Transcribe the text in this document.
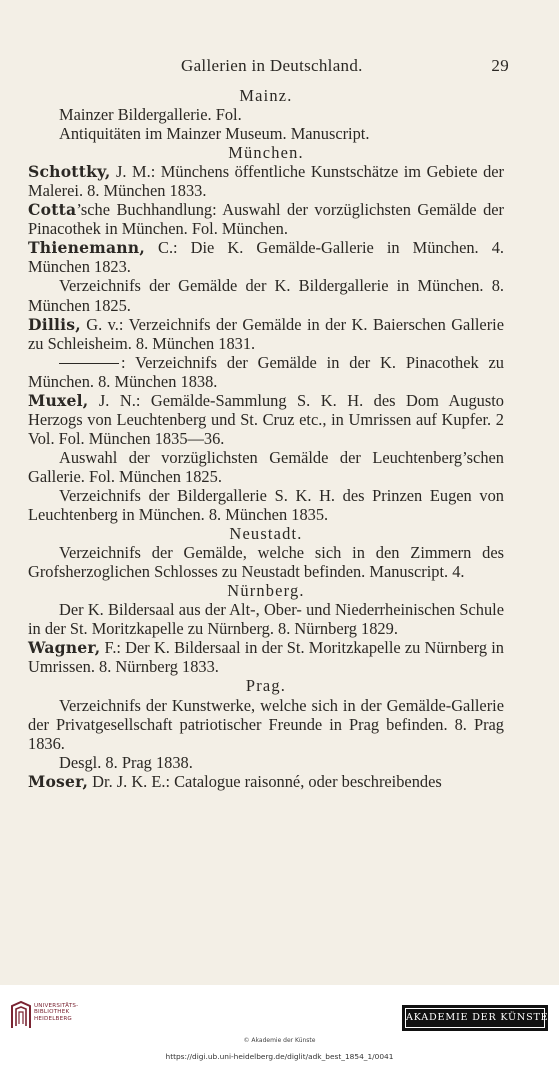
Gallerien in Deutschland.	29

Mainz.

Mainzer Bildergallerie. Fol.

Antiquitäten im Mainzer Museum. Manuscript.

München.

Schottky, J. M.: Münchens öffentliche Kunstschätze im Gebiete der Malerei. 8. München 1833.

Cotta’sche Buchhandlung: Auswahl der vorzüglichsten Gemälde der Pinacothek in München. Fol. München.

Thienemann, C.: Die K. Gemälde-Gallerie in München. 4. München 1823.

Verzeichnifs der Gemälde der K. Bildergallerie in München. 8. München 1825.

Dillis, G. v.: Verzeichnifs der Gemälde in der K. Baierschen Gallerie zu Schleisheim. 8. München 1831.

: Verzeichnifs der Gemälde in der K. Pinacothek zu München. 8. München 1838.

Muxel, J. N.: Gemälde-Sammlung S. K. H. des Dom Augusto Herzogs von Leuchtenberg und St. Cruz etc., in Umrissen auf Kupfer. 2 Vol. Fol. München 1835—36.

Auswahl der vorzüglichsten Gemälde der Leuchtenberg’schen Gallerie. Fol. München 1825.

Verzeichnifs der Bildergallerie S. K. H. des Prinzen Eugen von Leuchtenberg in München. 8. München 1835.

Neustadt.

Verzeichnifs der Gemälde, welche sich in den Zimmern des Grofsherzoglichen Schlosses zu Neustadt befinden. Manuscript. 4.

Nürnberg.

Der K. Bildersaal aus der Alt-, Ober- und Niederrheinischen Schule in der St. Moritzkapelle zu Nürnberg. 8. Nürnberg 1829.

Wagner, F.: Der K. Bildersaal in der St. Moritzkapelle zu Nürnberg in Umrissen. 8. Nürnberg 1833.

Prag.

Verzeichnifs der Kunstwerke, welche sich in der Gemälde-Gallerie der Privatgesellschaft patriotischer Freunde in Prag befinden. 8. Prag 1836.

Desgl. 8. Prag 1838.

Moser, Dr. J. K. E.: Catalogue raisonné, oder beschreibendes

UNIVERSITÄTS-
BIBLIOTHEK
HEIDELBERG	AKADEMIE DER KÜNSTE
© Akademie der Künste
https://digi.ub.uni-heidelberg.de/diglit/adk_best_1854_1/0041
